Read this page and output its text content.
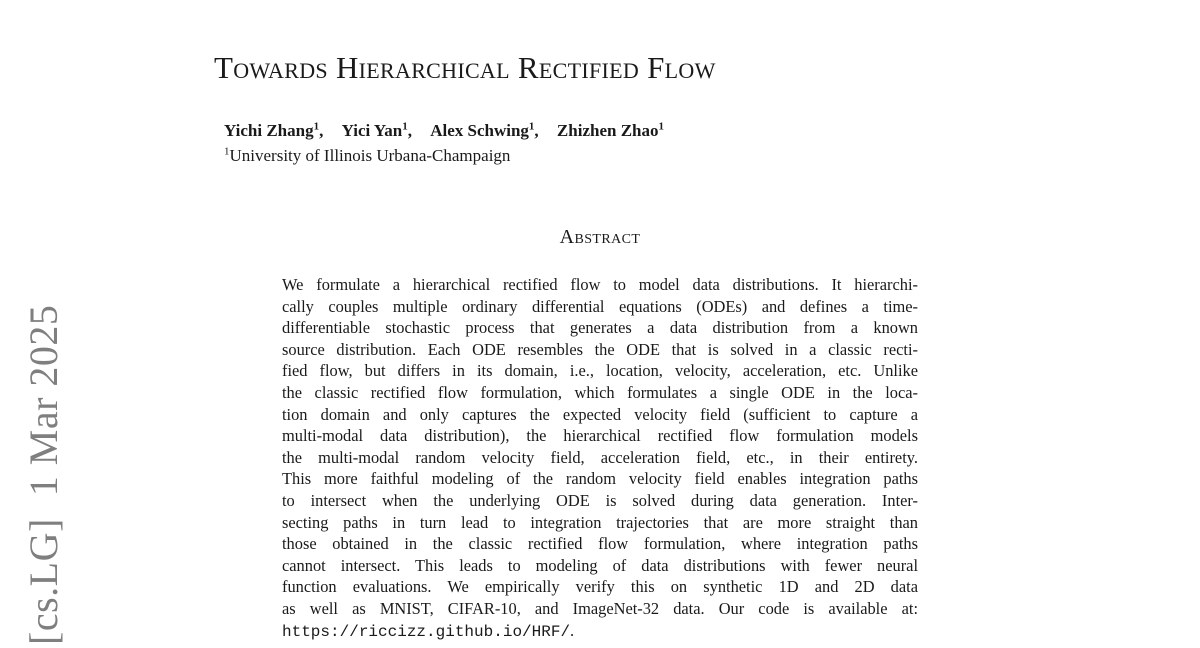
[cs.LG]1 Mar 2025
Towards Hierarchical Rectified Flow
Yichi Zhang$^1$, Yici Yan$^1$, Alex Schwing$^1$, Zhizhen Zhao$^1$
$^1$University of Illinois Urbana-Champaign
Abstract
We formulate a hierarchical rectified flow to model data distributions. It hierarchi-
cally couples multiple ordinary differential equations (ODEs) and defines a time-
differentiable stochastic process that generates a data distribution from a known
source distribution. Each ODE resembles the ODE that is solved in a classic recti-
fied flow, but differs in its domain, i.e., location, velocity, acceleration, etc. Unlike
the classic rectified flow formulation, which formulates a single ODE in the loca-
tion domain and only captures the expected velocity field (sufficient to capture a
multi-modal data distribution), the hierarchical rectified flow formulation models
the multi-modal random velocity field, acceleration field, etc., in their entirety.
This more faithful modeling of the random velocity field enables integration paths
to intersect when the underlying ODE is solved during data generation. Inter-
secting paths in turn lead to integration trajectories that are more straight than
those obtained in the classic rectified flow formulation, where integration paths
cannot intersect. This leads to modeling of data distributions with fewer neural
function evaluations. We empirically verify this on synthetic 1D and 2D data
as well as MNIST, CIFAR-10, and ImageNet-32 data. Our code is available at:
https://riccizz.github.io/HRF/.
